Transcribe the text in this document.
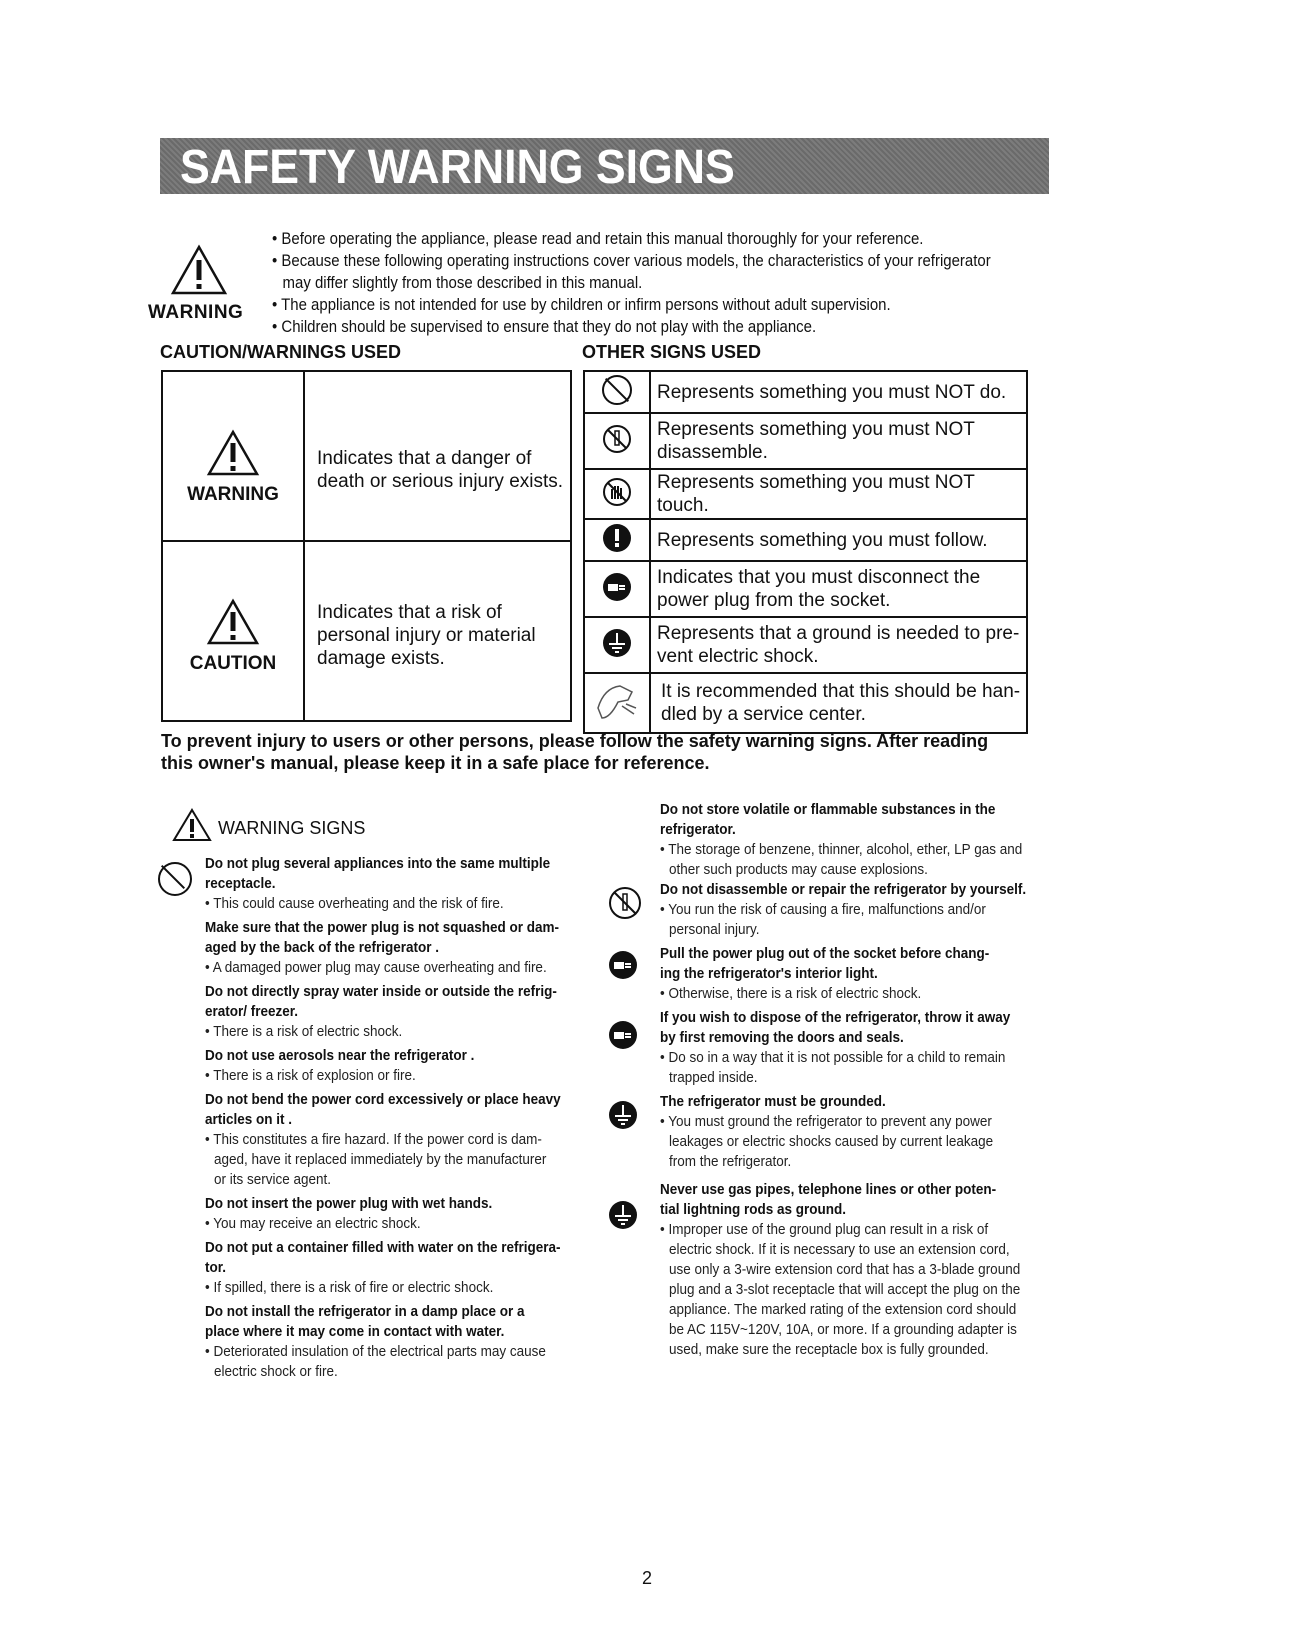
SAFETY WARNING SIGNS
WARNING
• Before operating the appliance, please read and retain this manual thoroughly for your reference.
• Because these following operating instructions cover various models, the characteristics of your refrigerator
may differ slightly from those described in this manual.
• The appliance is not intended for use by children or infirm persons without adult supervision.
• Children should be supervised to ensure that they do not play with the appliance.
CAUTION/WARNINGS USED	OTHER SIGNS USED
WARNING	Indicates that a danger of
death or serious injury exists.

CAUTION	Indicates that a risk of
personal injury or material
damage exists.

	Represents something you must NOT do.

Represents something you must NOT
disassemble.

Represents something you must NOT touch.

Represents something you must follow.

Indicates that you must disconnect the
power plug from the socket.

Represents that a ground is needed to pre-
vent electric shock.

It is recommended that this should be han-
dled by a service center.
To prevent injury to users or other persons, please follow the safety warning signs. After reading
this owner's manual, please keep it in a safe place for reference.
WARNING SIGNS
Do not plug several appliances into the same multiple
receptacle.
• This could cause overheating and the risk of fire.
Make sure that the power plug is not squashed or dam-
aged by the back of the refrigerator .
• A damaged power plug may cause overheating and fire.
Do not directly spray water inside or outside the refrig-
erator/ freezer.
• There is a risk of electric shock.
Do not use aerosols near the refrigerator .
• There is a risk of explosion or fire.
Do not bend the power cord excessively or place heavy
articles on it .
• This constitutes a fire hazard. If the power cord is dam-
aged, have it replaced immediately by the manufacturer
or its service agent.
Do not insert the power plug with wet hands.
• You may receive an electric shock.
Do not put a container filled with water on the refrigera-
tor.
• If spilled, there is a risk of fire or electric shock.
Do not install the refrigerator in a damp place or a
place where it may come in contact with water.
• Deteriorated insulation of the electrical parts may cause
electric shock or fire.
Do not store volatile or flammable substances in the
refrigerator.
• The storage of benzene, thinner, alcohol, ether, LP gas and
other such products may cause explosions.
Do not disassemble or repair the refrigerator by yourself.
• You run the risk of causing a fire, malfunctions and/or
personal injury.
Pull the power plug out of the socket before chang-
ing the refrigerator's interior light.
• Otherwise, there is a risk of electric shock.
If you wish to dispose of the refrigerator, throw it away
by first removing the doors and seals.
• Do so in a way that it is not possible for a child to remain
trapped inside.
The refrigerator must be grounded.
• You must ground the refrigerator to prevent any power
leakages or electric shocks caused by current leakage
from the refrigerator.
Never use gas pipes, telephone lines or other poten-
tial lightning rods as ground.
• Improper use of the ground plug can result in a risk of
electric shock. If it is necessary to use an extension cord,
use only a 3-wire extension cord that has a 3-blade ground
plug and a 3-slot receptacle that will accept the plug on the
appliance. The marked rating of the extension cord should
be AC 115V~120V, 10A, or more. If a grounding adapter is
used, make sure the receptacle box is fully grounded.
2
